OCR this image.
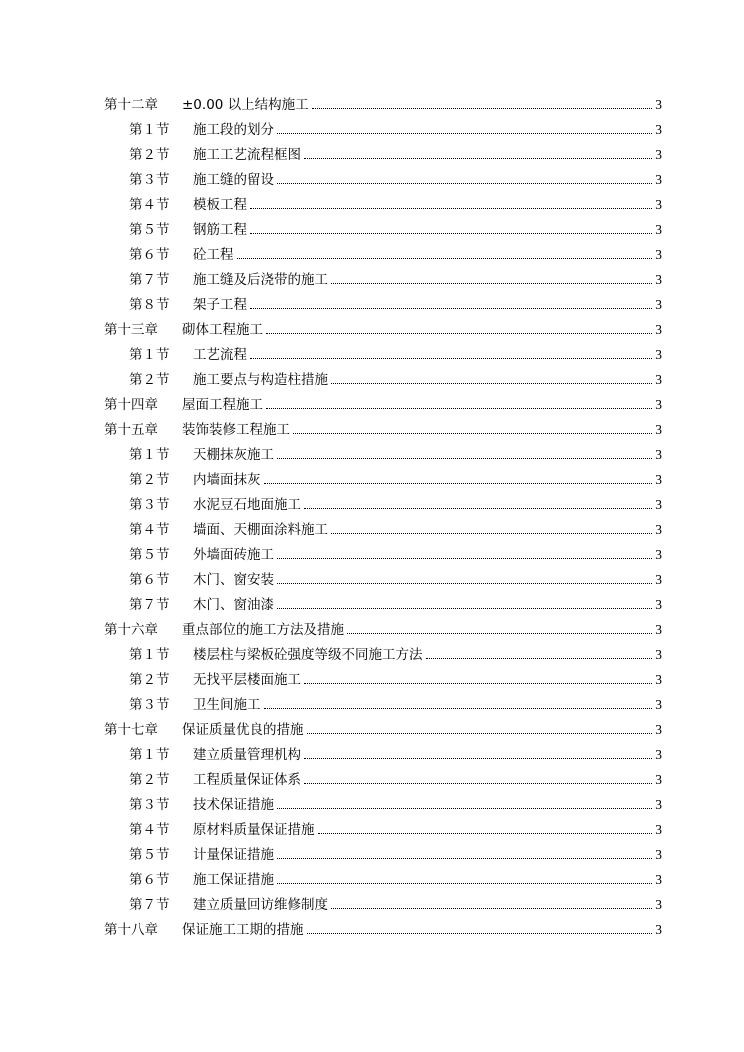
第十二章	±0.00 以上结构施工	3
第１节	施工段的划分	3
第２节	施工工艺流程框图	3
第３节	施工缝的留设	3
第４节	模板工程	3
第５节	钢筋工程	3
第６节	砼工程	3
第７节	施工缝及后浇带的施工	3
第８节	架子工程	3
第十三章	砌体工程施工	3
第１节	工艺流程	3
第２节	施工要点与构造柱措施	3
第十四章	屋面工程施工	3
第十五章	装饰装修工程施工	3
第１节	天棚抹灰施工	3
第２节	内墙面抹灰	3
第３节	水泥豆石地面施工	3
第４节	墙面、天棚面涂料施工	3
第５节	外墙面砖施工	3
第６节	木门、窗安装	3
第７节	木门、窗油漆	3
第十六章	重点部位的施工方法及措施	3
第１节	楼层柱与梁板砼强度等级不同施工方法	3
第２节	无找平层楼面施工	3
第３节	卫生间施工	3
第十七章	保证质量优良的措施	3
第１节	建立质量管理机构	3
第２节	工程质量保证体系	3
第３节	技术保证措施	3
第４节	原材料质量保证措施	3
第５节	计量保证措施	3
第６节	施工保证措施	3
第７节	建立质量回访维修制度	3
第十八章	保证施工工期的措施	3
